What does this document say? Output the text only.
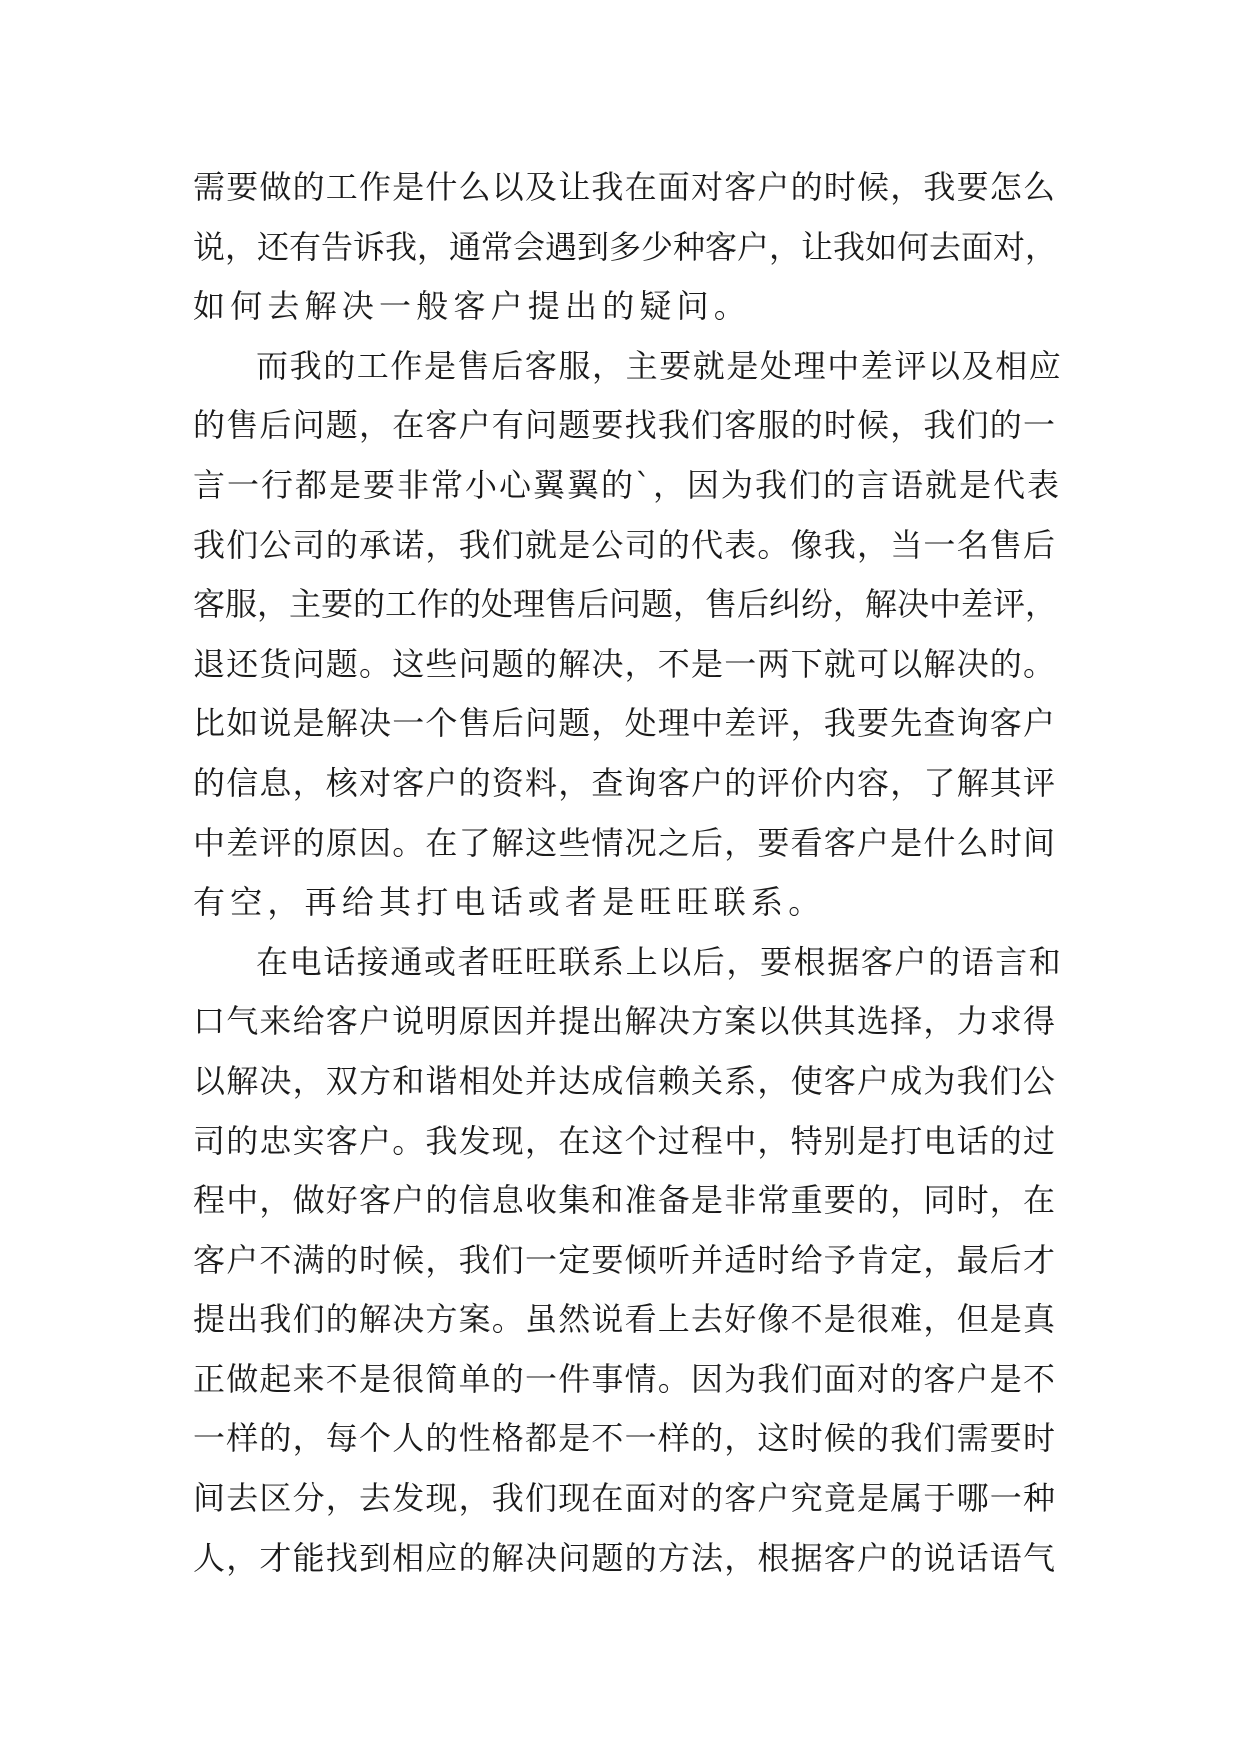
需要做的工作是什么以及让我在面对客户的时候，我要怎么
说，还有告诉我，通常会遇到多少种客户，让我如何去面对，
如何去解决一般客户提出的疑问。
而我的工作是售后客服，主要就是处理中差评以及相应
的售后问题，在客户有问题要找我们客服的时候，我们的一
言一行都是要非常小心翼翼的`，因为我们的言语就是代表
我们公司的承诺，我们就是公司的代表。像我，当一名售后
客服，主要的工作的处理售后问题，售后纠纷，解决中差评，
退还货问题。这些问题的解决，不是一两下就可以解决的。
比如说是解决一个售后问题，处理中差评，我要先查询客户
的信息，核对客户的资料，查询客户的评价内容，了解其评
中差评的原因。在了解这些情况之后，要看客户是什么时间
有空，再给其打电话或者是旺旺联系。
在电话接通或者旺旺联系上以后，要根据客户的语言和
口气来给客户说明原因并提出解决方案以供其选择，力求得
以解决，双方和谐相处并达成信赖关系，使客户成为我们公
司的忠实客户。我发现，在这个过程中，特别是打电话的过
程中，做好客户的信息收集和准备是非常重要的，同时，在
客户不满的时候，我们一定要倾听并适时给予肯定，最后才
提出我们的解决方案。虽然说看上去好像不是很难，但是真
正做起来不是很简单的一件事情。因为我们面对的客户是不
一样的，每个人的性格都是不一样的，这时候的我们需要时
间去区分，去发现，我们现在面对的客户究竟是属于哪一种
人，才能找到相应的解决问题的方法，根据客户的说话语气
